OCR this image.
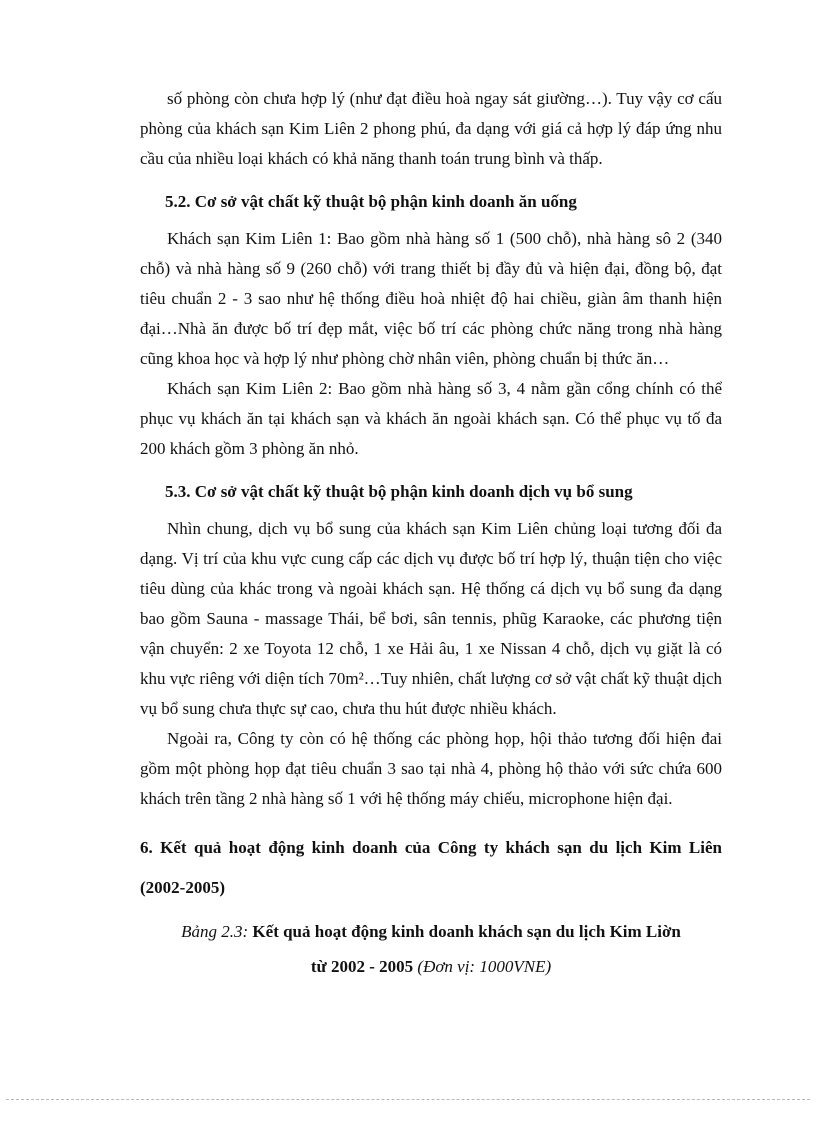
số phòng còn chưa hợp lý (như đạt điều hoà ngay sát giường…). Tuy vậy cơ cấu phòng của khách sạn Kim Liên 2 phong phú, đa dạng với giá cả hợp lý đáp ứng nhu cầu của nhiều loại khách có khả năng thanh toán trung bình và thấp.

5.2. Cơ sở vật chất kỹ thuật bộ phận kinh doanh ăn uống

Khách sạn Kim Liên 1: Bao gồm nhà hàng số 1 (500 chỗ), nhà hàng sô 2 (340 chỗ) và nhà hàng số 9 (260 chỗ) với trang thiết bị đầy đủ và hiện đại, đồng bộ, đạt tiêu chuẩn 2 - 3 sao như hệ thống điều hoà nhiệt độ hai chiều, giàn âm thanh hiện đại…Nhà ăn được bố trí đẹp mắt, việc bố trí các phòng chức năng trong nhà hàng cũng khoa học và hợp lý như phòng chờ nhân viên, phòng chuẩn bị thức ăn…

Khách sạn Kim Liên 2: Bao gồm nhà hàng số 3, 4 nằm gần cổng chính có thể phục vụ khách ăn tại khách sạn và khách ăn ngoài khách sạn. Có thể phục vụ tố đa 200 khách gồm 3 phòng ăn nhỏ.

5.3. Cơ sở vật chất kỹ thuật bộ phận kinh doanh dịch vụ bổ sung

Nhìn chung, dịch vụ bổ sung của khách sạn Kim Liên chủng loại tương đối đa dạng. Vị trí của khu vực cung cấp các dịch vụ được bố trí hợp lý, thuận tiện cho việc tiêu dùng của khác trong và ngoài khách sạn. Hệ thống cá dịch vụ bổ sung đa dạng bao gồm Sauna - massage Thái, bể bơi, sân tennis, phũg Karaoke, các phương tiện vận chuyển: 2 xe Toyota 12 chỗ, 1 xe Hải âu, 1 xe Nissan 4 chỗ, dịch vụ giặt là có khu vực riêng với diện tích 70m²…Tuy nhiên, chất lượng cơ sở vật chất kỹ thuật dịch vụ bổ sung chưa thực sự cao, chưa thu hút được nhiều khách.

Ngoài ra, Công ty còn có hệ thống các phòng họp, hội thảo tương đối hiện đai gồm một phòng họp đạt tiêu chuẩn 3 sao tại nhà 4, phòng hộ thảo với sức chứa 600 khách trên tầng 2 nhà hàng số 1 với hệ thống máy chiếu, microphone hiện đại.

6. Kết quả hoạt động kinh doanh của Công ty khách sạn du lịch Kim Liên (2002-2005)

Bảng 2.3: Kết quả hoạt động kinh doanh khách sạn du lịch Kim Liờn
từ 2002 - 2005 (Đơn vị: 1000VNE)
